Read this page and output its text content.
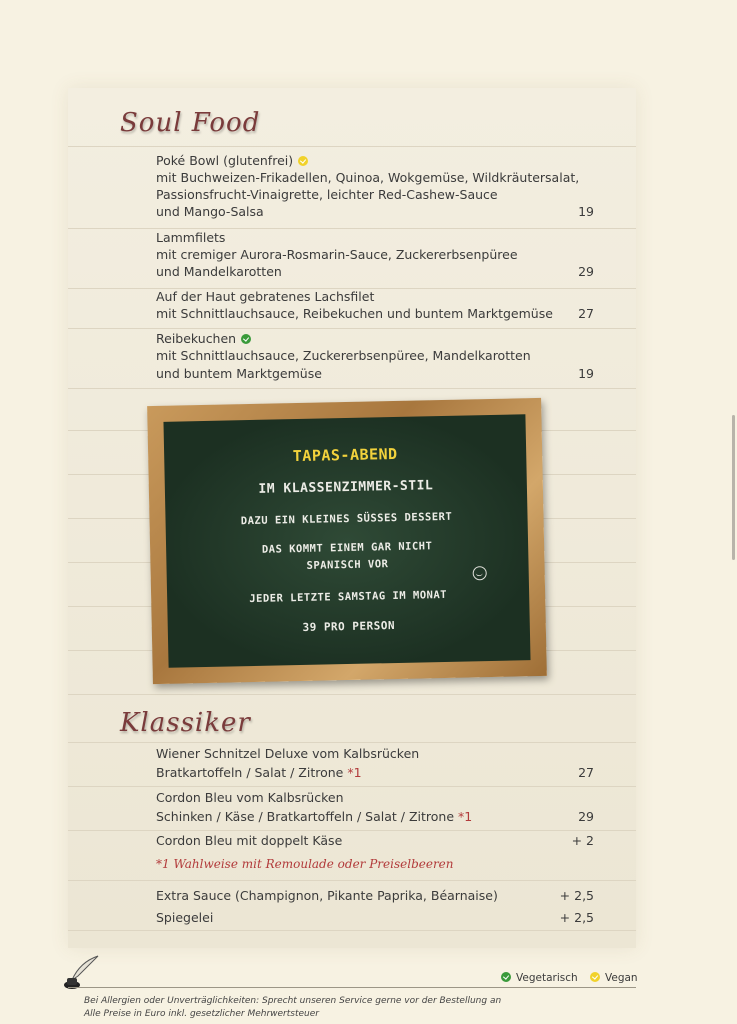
Soul Food
Poké Bowl (glutenfrei)
mit Buchweizen-Frikadellen, Quinoa, Wokgemüse, Wildkräutersalat,
Passionsfrucht-Vinaigrette, leichter Red-Cashew-Sauce
und Mango-Salsa	19
Lammfilets
mit cremiger Aurora-Rosmarin-Sauce, Zuckererbsenpüree
und Mandelkarotten	29
Auf der Haut gebratenes Lachsfilet
mit Schnittlauchsauce, Reibekuchen und buntem Marktgemüse	27
Reibekuchen
mit Schnittlauchsauce, Zuckererbsenpüree, Mandelkarotten
und buntem Marktgemüse	19
TAPAS-ABEND
IM KLASSENZIMMER-STIL
DAZU EIN KLEINES SÜSSES DESSERT
DAS KOMMT EINEM GAR NICHT
SPANISCH VOR
JEDER LETZTE SAMSTAG IM MONAT
39 PRO PERSON
Klassiker
Wiener Schnitzel Deluxe vom Kalbsrücken
Bratkartoffeln / Salat / Zitrone *1	27
Cordon Bleu vom Kalbsrücken
Schinken / Käse / Bratkartoffeln / Salat / Zitrone *1	29
Cordon Bleu mit doppelt Käse	+ 2
*1 Wahlweise mit Remoulade oder Preiselbeeren
Extra Sauce (Champignon, Pikante Paprika, Béarnaise)	+ 2,5
Spiegelei	+ 2,5
Vegetarisch	Vegan
Bei Allergien oder Unverträglichkeiten: Sprecht unseren Service gerne vor der Bestellung an
Alle Preise in Euro inkl. gesetzlicher Mehrwertsteuer
